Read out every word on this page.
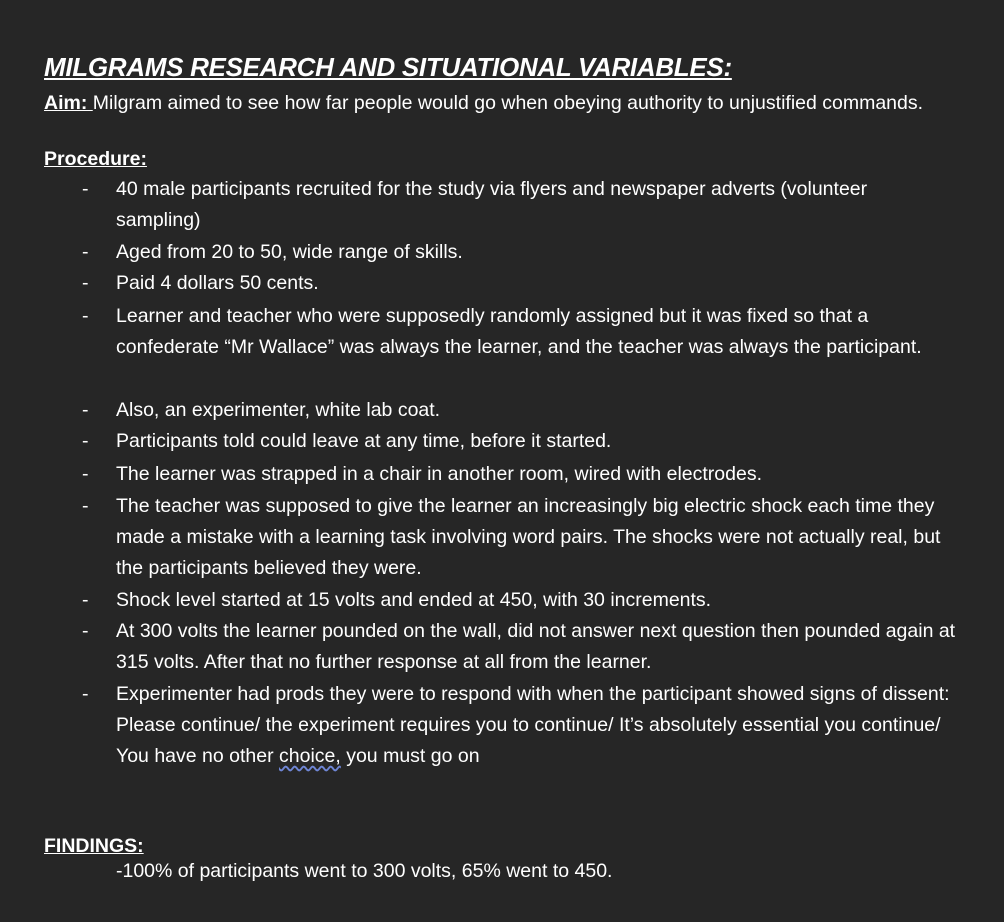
MILGRAMS RESEARCH AND SITUATIONAL VARIABLES:
Aim: Milgram aimed to see how far people would go when obeying authority to unjustified commands.
Procedure:
- 40 male participants recruited for the study via flyers and newspaper adverts (volunteer sampling)
- Aged from 20 to 50, wide range of skills.
- Paid 4 dollars 50 cents.
- Learner and teacher who were supposedly randomly assigned but it was fixed so that a confederate “Mr Wallace” was always the learner, and the teacher was always the participant.
- Also, an experimenter, white lab coat.
- Participants told could leave at any time, before it started.
- The learner was strapped in a chair in another room, wired with electrodes.
- The teacher was supposed to give the learner an increasingly big electric shock each time they made a mistake with a learning task involving word pairs. The shocks were not actually real, but the participants believed they were.
- Shock level started at 15 volts and ended at 450, with 30 increments.
- At 300 volts the learner pounded on the wall, did not answer next question then pounded again at 315 volts. After that no further response at all from the learner.
- Experimenter had prods they were to respond with when the participant showed signs of dissent:
Please continue/ the experiment requires you to continue/ It’s absolutely essential you continue/ You have no other choice, you must go on
FINDINGS:
-100% of participants went to 300 volts, 65% went to 450.
